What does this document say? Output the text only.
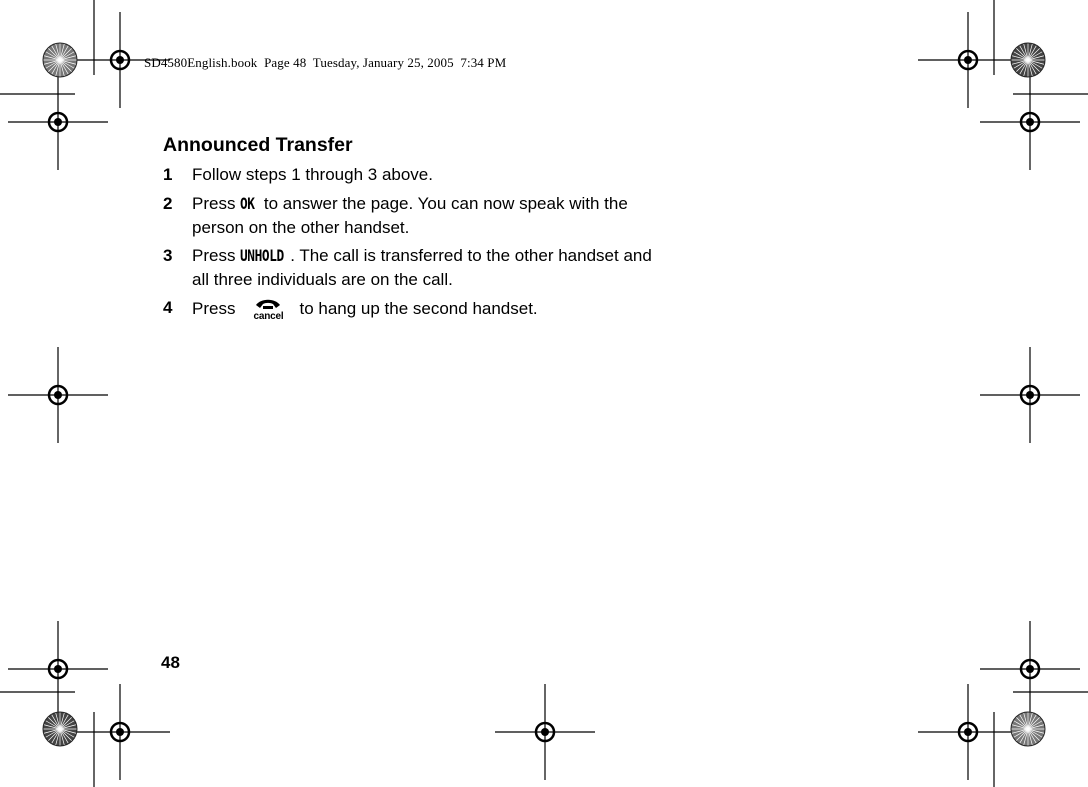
SD4580English.book  Page 48  Tuesday, January 25, 2005  7:34 PM
Announced Transfer
1	Follow steps 1 through 3 above.
2	Press OK to answer the page. You can now speak with the person on the other handset.
3	Press UNHOLD . The call is transferred to the other handset and all three individuals are on the call.
4	Press cancel to hang up the second handset.
48
